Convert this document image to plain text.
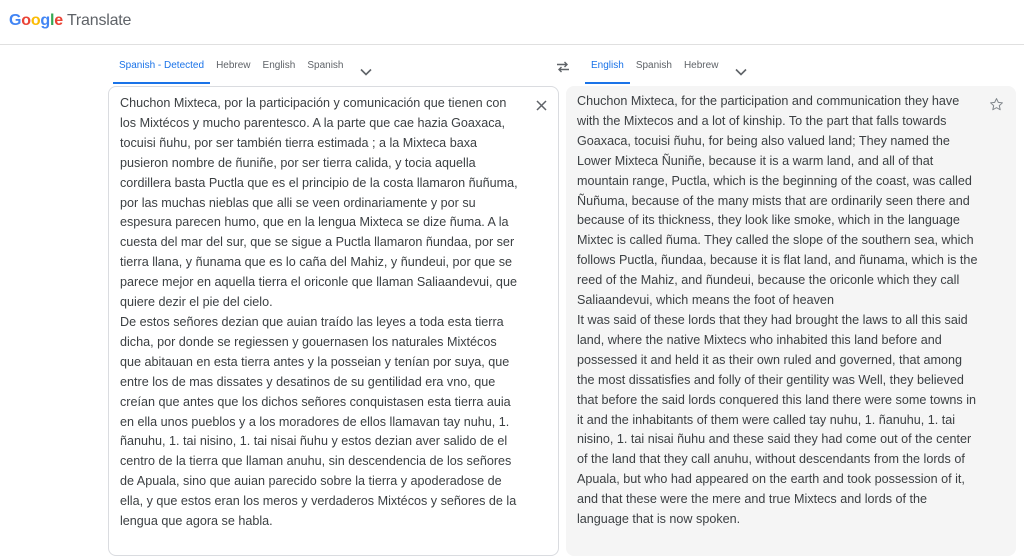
Google Translate
Spanish - Detected	Hebrew	English	Spanish	English	Spanish	Hebrew

Chuchon Mixteca, por la participación y comunicación que tienen con los Mixtécos y mucho parentesco. A la parte que cae hazia Goaxaca, tocuisi ñuhu, por ser también tierra estimada ; a la Mixteca baxa pusieron nombre de ñuniñe, por ser tierra calida, y tocia aquella cordillera basta Puctla que es el principio de la costa llamaron ñuñuma, por las muchas nieblas que alli se veen ordinariamente y por su espesura parecen humo, que en la lengua Mixteca se dize ñuma. A la cuesta del mar del sur, que se sigue a Puctla llamaron ñundaa, por ser tierra llana, y ñunama que es lo caña del Mahiz, y ñundeui, por que se parece mejor en aquella tierra el oriconle que llaman Saliaandevui, que quiere dezir el pie del cielo.

De estos señores dezian que auian traído las leyes a toda esta tierra dicha, por donde se regiessen y gouernasen los naturales Mixtécos que abitauan en esta tierra antes y la posseian y tenían por suya, que entre los de mas dissates y desatinos de su gentilidad era vno, que creían que antes que los dichos señores conquistasen esta tierra auia en ella unos pueblos y a los moradores de ellos llamavan tay nuhu, 1. ñanuhu, 1. tai nisino, 1. tai nisai ñuhu y estos dezian aver salido de el centro de la tierra que llaman anuhu, sin descendencia de los señores de Apuala, sino que auian parecido sobre la tierra y apoderadose de ella, y que estos eran los meros y verdaderos Mixtécos y señores de la lengua que agora se habla.

Chuchon Mixteca, for the participation and communication they have with the Mixtecos and a lot of kinship. To the part that falls towards Goaxaca, tocuisi ñuhu, for being also valued land; They named the Lower Mixteca Ñuniñe, because it is a warm land, and all of that mountain range, Puctla, which is the beginning of the coast, was called Ñuñuma, because of the many mists that are ordinarily seen there and because of its thickness, they look like smoke, which in the language Mixtec is called ñuma. They called the slope of the southern sea, which follows Puctla, ñundaa, because it is flat land, and ñunama, which is the reed of the Mahiz, and ñundeui, because the oriconle which they call Saliaandevui, which means the foot of heaven

It was said of these lords that they had brought the laws to all this said land, where the native Mixtecs who inhabited this land before and possessed it and held it as their own ruled and governed, that among the most dissatisfies and folly of their gentility was Well, they believed that before the said lords conquered this land there were some towns in it and the inhabitants of them were called tay nuhu, 1. ñanuhu, 1. tai nisino, 1. tai nisai ñuhu and these said they had come out of the center of the land that they call anuhu, without descendants from the lords of Apuala, but who had appeared on the earth and took possession of it, and that these were the mere and true Mixtecs and lords of the language that is now spoken.
